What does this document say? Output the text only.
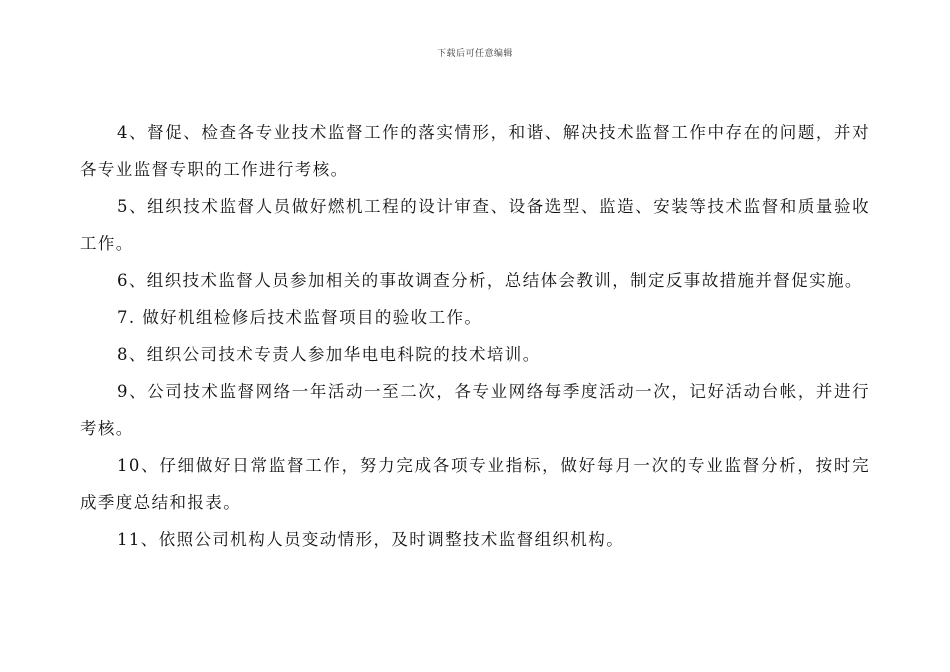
下载后可任意编辑

4、督促、检查各专业技术监督工作的落实情形，和谐、解决技术监督工作中存在的问题，并对各专业监督专职的工作进行考核。

5、组织技术监督人员做好燃机工程的设计审查、设备选型、监造、安装等技术监督和质量验收工作。

6、组织技术监督人员参加相关的事故调查分析，总结体会教训，制定反事故措施并督促实施。

7. 做好机组检修后技术监督项目的验收工作。

8、组织公司技术专责人参加华电电科院的技术培训。

9、公司技术监督网络一年活动一至二次，各专业网络每季度活动一次，记好活动台帐，并进行考核。

10、仔细做好日常监督工作，努力完成各项专业指标，做好每月一次的专业监督分析，按时完成季度总结和报表。

11、依照公司机构人员变动情形，及时调整技术监督组织机构。
